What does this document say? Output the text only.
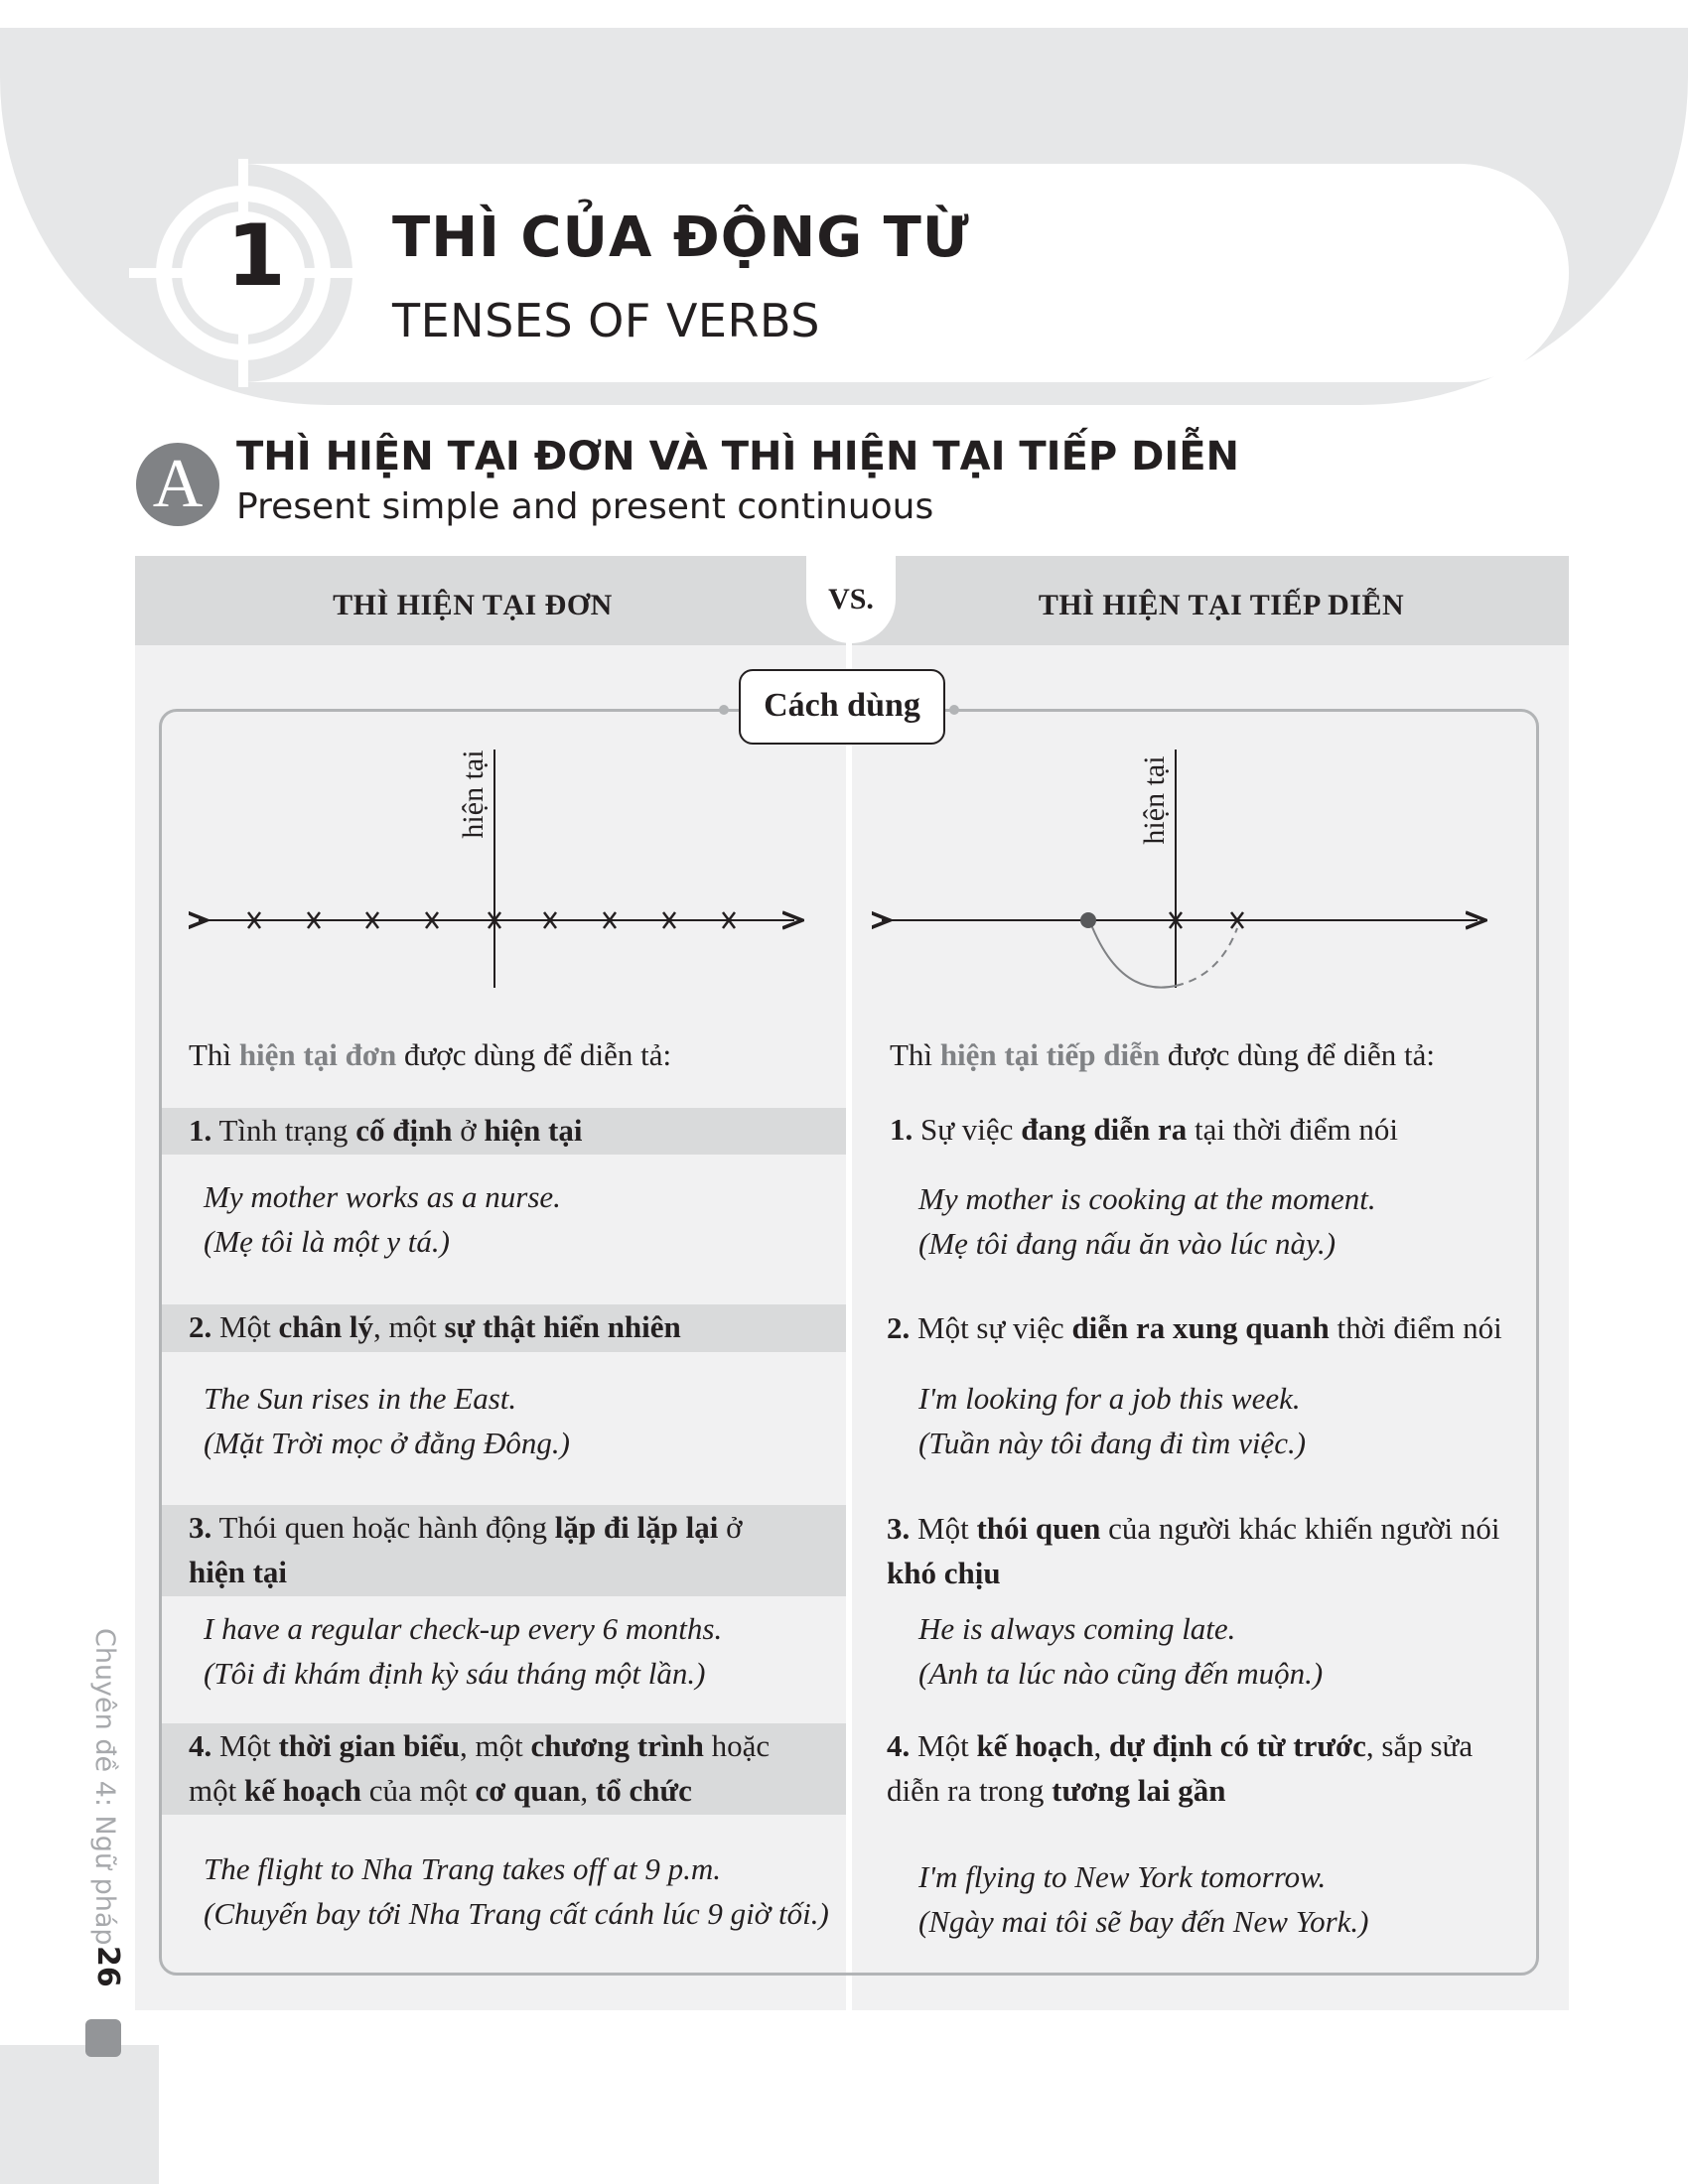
1 THÌ CỦA ĐỘNG TỪ
TENSES OF VERBS
A THÌ HIỆN TẠI ĐƠN VÀ THÌ HIỆN TẠI TIẾP DIỄN
Present simple and present continuous
THÌ HIỆN TẠI ĐƠN	THÌ HIỆN TẠI TIẾP DIỄN
VS.
Cách dùng
hiện tại	hiện tại
Thì hiện tại đơn được dùng để diễn tả:
1. Tình trạng cố định ở hiện tại
My mother works as a nurse.
(Mẹ tôi là một y tá.)
2. Một chân lý, một sự thật hiển nhiên
The Sun rises in the East.
(Mặt Trời mọc ở đằng Đông.)
3. Thói quen hoặc hành động lặp đi lặp lại ở hiện tại
I have a regular check-up every 6 months.
(Tôi đi khám định kỳ sáu tháng một lần.)
4. Một thời gian biểu, một chương trình hoặc một kế hoạch của một cơ quan, tổ chức
The flight to Nha Trang takes off at 9 p.m.
(Chuyến bay tới Nha Trang cất cánh lúc 9 giờ tối.)
Thì hiện tại tiếp diễn được dùng để diễn tả:
1. Sự việc đang diễn ra tại thời điểm nói
My mother is cooking at the moment.
(Mẹ tôi đang nấu ăn vào lúc này.)
2. Một sự việc diễn ra xung quanh thời điểm nói
I'm looking for a job this week.
(Tuần này tôi đang đi tìm việc.)
3. Một thói quen của người khác khiến người nói khó chịu
He is always coming late.
(Anh ta lúc nào cũng đến muộn.)
4. Một kế hoạch, dự định có từ trước, sắp sửa diễn ra trong tương lai gần
I'm flying to New York tomorrow.
(Ngày mai tôi sẽ bay đến New York.)
Chuyên đề 4: Ngữ pháp
26
